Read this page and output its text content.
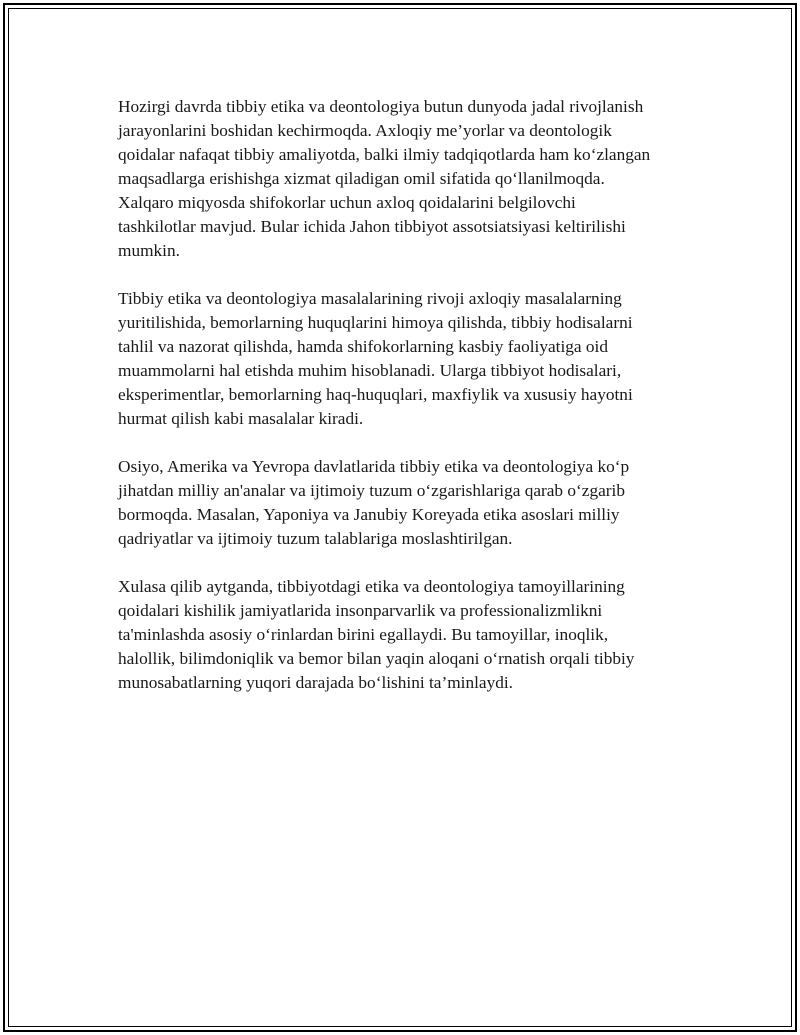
Hozirgi davrda tibbiy etika va deontologiya butun dunyoda jadal rivojlanish
jarayonlarini boshidan kechirmoqda. Axloqiy me’yorlar va deontologik
qoidalar nafaqat tibbiy amaliyotda, balki ilmiy tadqiqotlarda ham ko‘zlangan
maqsadlarga erishishga xizmat qiladigan omil sifatida qo‘llanilmoqda.
Xalqaro miqyosda shifokorlar uchun axloq qoidalarini belgilovchi
tashkilotlar mavjud. Bular ichida Jahon tibbiyot assotsiatsiyasi keltirilishi
mumkin.

Tibbiy etika va deontologiya masalalarining rivoji axloqiy masalalarning
yuritilishida, bemorlarning huquqlarini himoya qilishda, tibbiy hodisalarni
tahlil va nazorat qilishda, hamda shifokorlarning kasbiy faoliyatiga oid
muammolarni hal etishda muhim hisoblanadi. Ularga tibbiyot hodisalari,
eksperimentlar, bemorlarning haq-huquqlari, maxfiylik va xususiy hayotni
hurmat qilish kabi masalalar kiradi.

Osiyo, Amerika va Yevropa davlatlarida tibbiy etika va deontologiya ko‘p
jihatdan milliy an'analar va ijtimoiy tuzum o‘zgarishlariga qarab o‘zgarib
bormoqda. Masalan, Yaponiya va Janubiy Koreyada etika asoslari milliy
qadriyatlar va ijtimoiy tuzum talablariga moslashtirilgan.

Xulasa qilib aytganda, tibbiyotdagi etika va deontologiya tamoyillarining
qoidalari kishilik jamiyatlarida insonparvarlik va professionalizmlikni
ta'minlashda asosiy o‘rinlardan birini egallaydi. Bu tamoyillar, inoqlik,
halollik, bilimdoniqlik va bemor bilan yaqin aloqani o‘rnatish orqali tibbiy
munosabatlarning yuqori darajada bo‘lishini ta’minlaydi.
